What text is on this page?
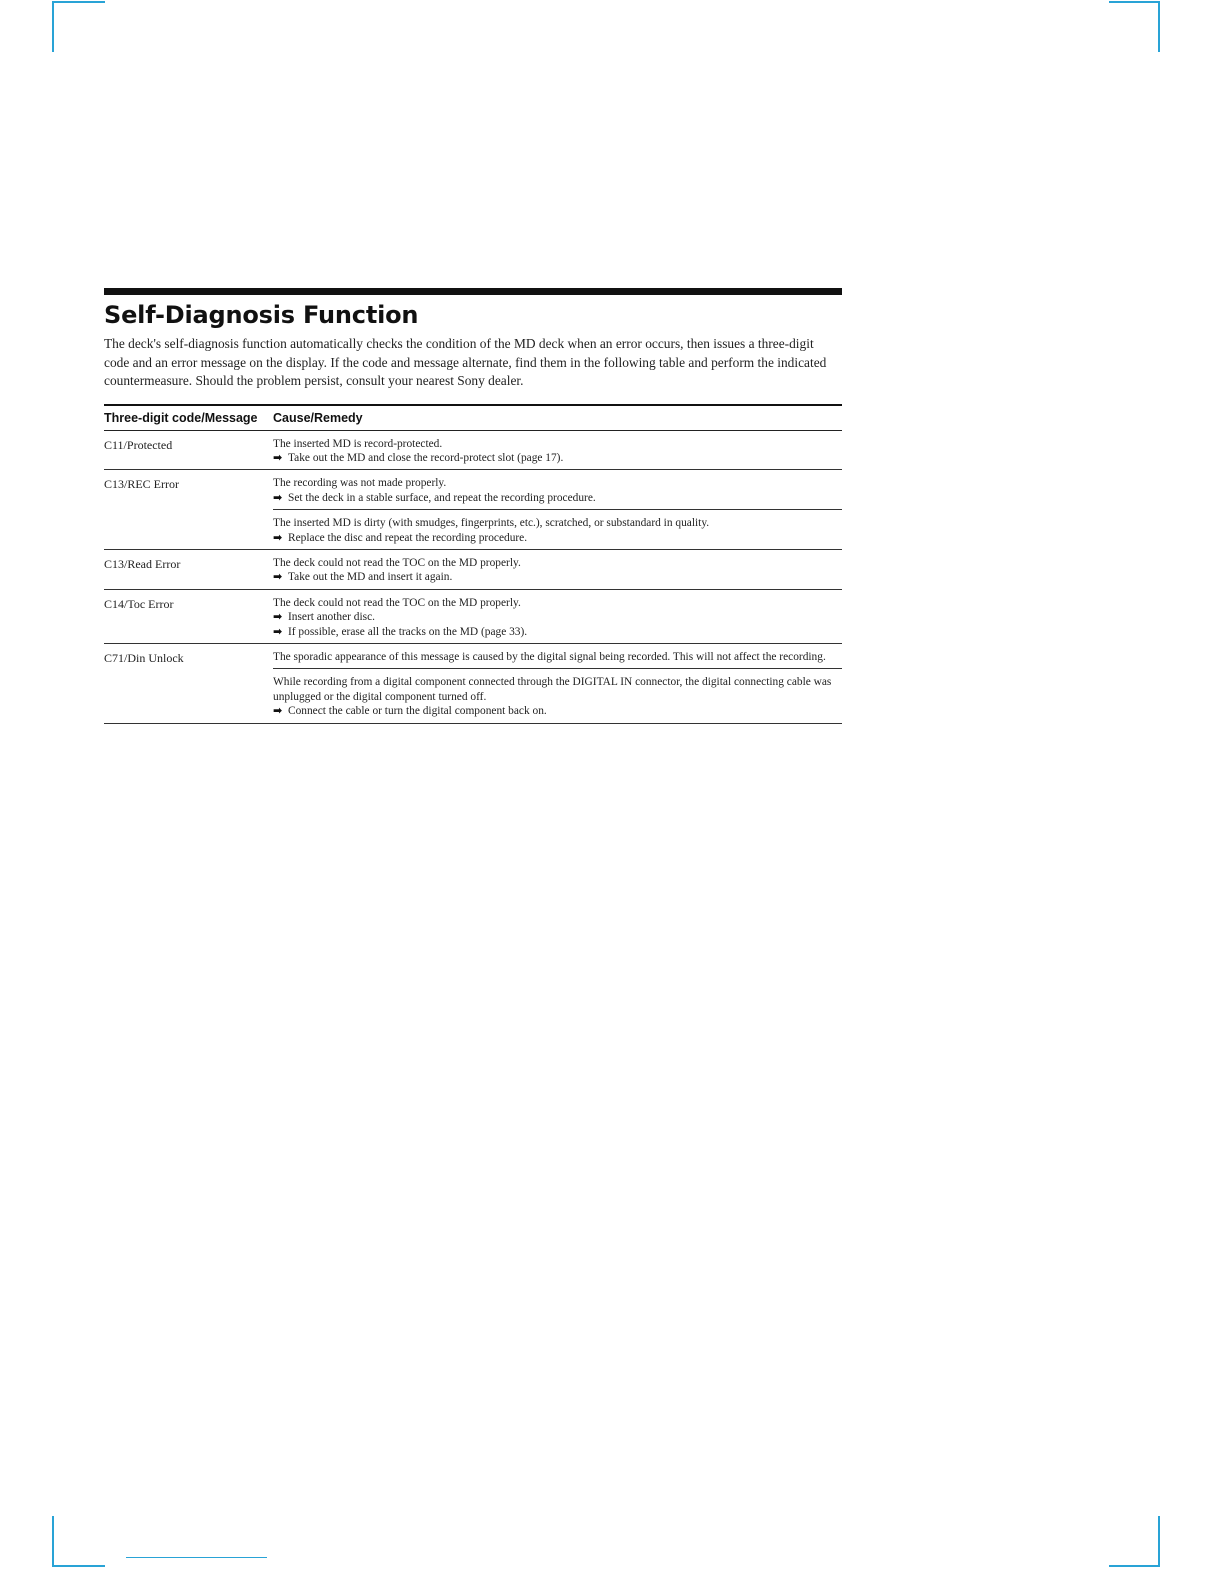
Self-Diagnosis Function

The deck's self-diagnosis function automatically checks the condition of the MD deck when an error occurs, then issues a three-digit code and an error message on the display. If the code and message alternate, find them in the following table and perform the indicated countermeasure. Should the problem persist, consult your nearest Sony dealer.

Three-digit code/Message	Cause/Remedy
C11/Protected	The inserted MD is record-protected.
➡ Take out the MD and close the record-protect slot (page 17).
C13/REC Error	The recording was not made properly.
➡ Set the deck in a stable surface, and repeat the recording procedure.
The inserted MD is dirty (with smudges, fingerprints, etc.), scratched, or substandard in quality.
➡ Replace the disc and repeat the recording procedure.
C13/Read Error	The deck could not read the TOC on the MD properly.
➡ Take out the MD and insert it again.
C14/Toc Error	The deck could not read the TOC on the MD properly.
➡ Insert another disc.
➡ If possible, erase all the tracks on the MD (page 33).
C71/Din Unlock	The sporadic appearance of this message is caused by the digital signal being recorded. This will not affect the recording.
While recording from a digital component connected through the DIGITAL IN connector, the digital connecting cable was unplugged or the digital component turned off.
➡ Connect the cable or turn the digital component back on.
